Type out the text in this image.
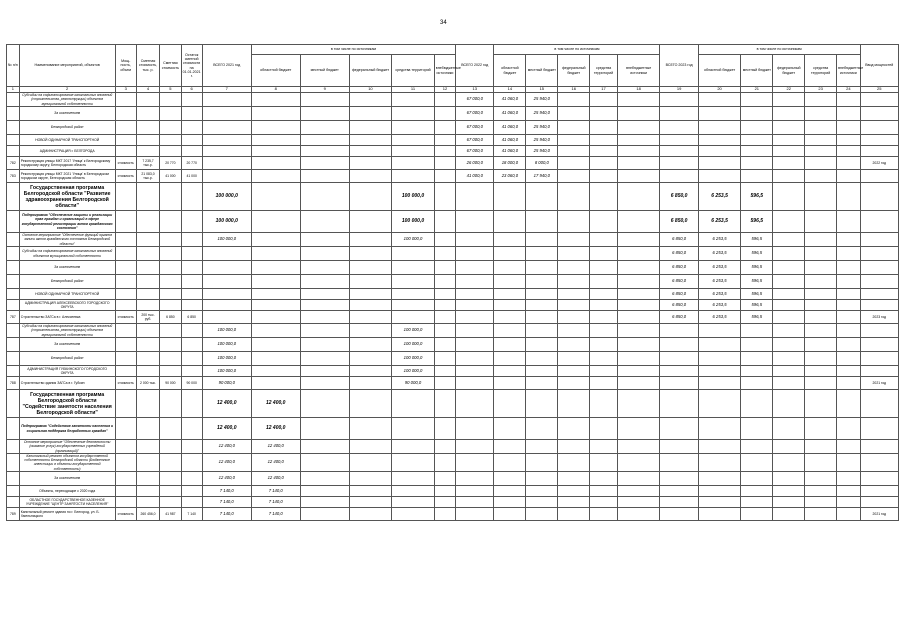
34
№ п/п	Наименование мероприятий, объектов	Мощ-ность, объем	Сметная стоимость, тыс. р.	Сметная стоимость	Остаток сметной стоимости на 01.01.2021 г.	ВСЕГО 2021 год	в том числе по источникам					ВСЕГО 2022 год	в том числе по источникам					ВСЕГО 2023 год	в том числе по источникам					Ввод мощностей
							областной бюджет	местный бюджет	федеральный бюджет	средства территорий	внебюджетные источники		областной бюджет	местный бюджет	федеральный бюджет	средства территорий	внебюджетные источники		областной бюджет	местный бюджет	федеральный бюджет	средства территорий	внебюджетные источники	
1	2	3	4	5	6	7	8	9	10	11	12	13	14	15	16	17	18	19	20	21	22	23	24	25
	Субсидии на софинансирование капитальных вложений (строительства, реконструкции) объектов муниципальной собственности											67 000,0	41 060,0	25 940,0										
	За исключением											67 000,0	41 060,0	25 940,0										
	Белгородский район											67 000,0	41 060,0	25 940,0										
	НОВОЙ ОДИНАРНОЙ ТРАНСПОРТНОЙ											67 000,0	41 060,0	25 940,0										
	АДМИНИСТРАЦИЯ г. БЕЛГОРОДА											67 000,0	41 060,0	25 940,0										
782	Реконструкция улицы МКТ 2017 'Улица' к Белгородскому городскому округу, Белгородская область	стоимость	7 235,7 тыс.р.	20 770	20 770							26 000,0	18 000,0	8 000,0										2022 год
783	Реконструкция улицы МКТ 2021 'Улица' в Белгородском городском округе, Белгородская область	стоимость	21 083,0 тыс.р.	41 000	41 000							41 000,0	23 060,0	17 940,0										
	Государственная программа Белгородской области "Развитие здравоохранения Белгородской области"					100 000,0				100 000,0								6 850,0	6 253,5	596,5				
	Подпрограмма "Обеспечение защиты и реализации прав граждан и организаций в сфере государственной регистрации актов гражданского состояния"					100 000,0				100 000,0								6 850,0	6 253,5	596,5				
	Основное мероприятие "Обеспечение функций органов записи актов гражданского состояния Белгородской области"					100 000,0				100 000,0								6 850,0	6 253,5	596,5				
	Субсидии на софинансирование капитальных вложений объектов муниципальной собственности																	6 850,0	6 253,5	596,5				
	За исключением																	6 850,0	6 253,5	596,5				
	Белгородский район																	6 850,0	6 253,5	596,5				
	НОВОЙ ОДИНАРНОЙ ТРАНСПОРТНОЙ																	6 850,0	6 253,5	596,5				
	АДМИНИСТРАЦИЯ АЛЕКСЕЕВСКОГО ГОРОДСКОГО ОКРУГА																	6 850,0	6 253,5	596,5				
787	Строительство ЗАГСа в г. Алексеевка	стоимость	200 тыс. руб.	6 850	6 850													6 850,0	6 253,5	596,5				2023 год
	Субсидии на софинансирование капитальных вложений (строительства, реконструкции) объектов муниципальной собственности					100 000,0				100 000,0														
	За исключением					100 000,0				100 000,0														
	Белгородский район					100 000,0				100 000,0														
	АДМИНИСТРАЦИЯ ГУБКИНСКОГО ГОРОДСКОГО ОКРУГА					100 000,0				100 000,0														
788	Строительство здания ЗАГСа в г. Губкин	стоимость	2 000 тыс.	90 000	90 000	90 000,0				90 000,0														2021 год
	Государственная программа Белгородской области "Содействие занятости населения Белгородской области"					12 400,0	12 400,0																	
	Подпрограмма "Содействие занятости населения и социальная поддержка безработных граждан"					12 400,0	12 400,0																	
	Основное мероприятие "Обеспечение деятельности (оказание услуг) государственных учреждений (организаций)"					12 400,0	12 400,0																	
	Капитальный ремонт объектов государственной собственности Белгородской области (Бюджетные инвестиции в объекты государственной собственности)					12 400,0	12 400,0																	
	За исключением					12 400,0	12 400,0																	
	Объекты, переходящие с 2020 года					7 140,0	7 140,0																	
	ОБЛАСТНОЕ ГОСУДАРСТВЕННОЕ КАЗЕННОЕ УЧРЕЖДЕНИЕ "ЦЕНТР ЗАНЯТОСТИ НАСЕЛЕНИЯ"					7 140,0	7 140,0																	
789	Капитальный ремонт здания по г. Белгород, ул. Б. Хмельницкого	стоимость	260 456,0	41 987	7 140	7 140,0	7 140,0																	2021 год
